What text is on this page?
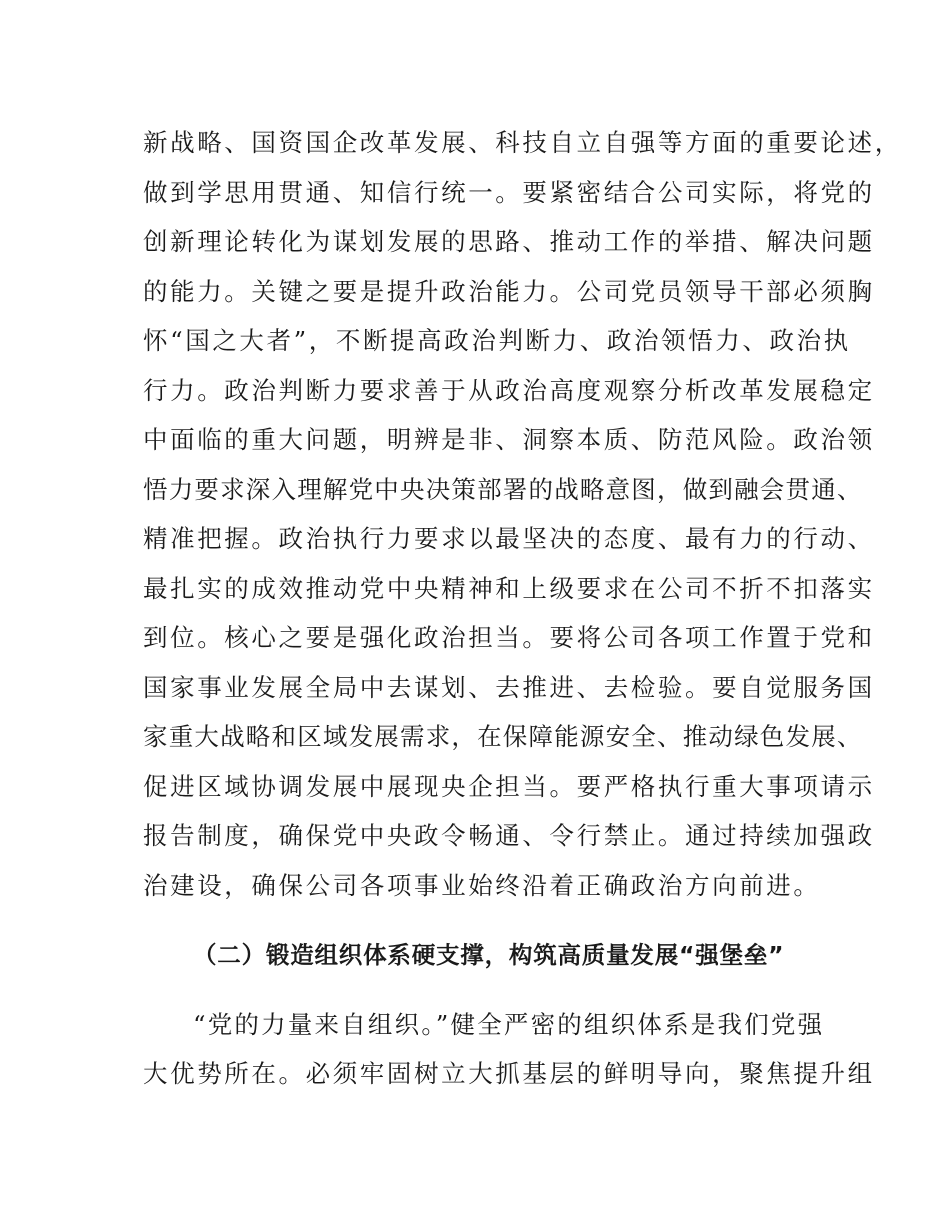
新战略、国资国企改革发展、科技自立自强等方面的重要论述，
做到学思用贯通、知信行统一。要紧密结合公司实际，将党的
创新理论转化为谋划发展的思路、推动工作的举措、解决问题
的能力。关键之要是提升政治能力。公司党员领导干部必须胸
怀“国之大者”，不断提高政治判断力、政治领悟力、政治执
行力。政治判断力要求善于从政治高度观察分析改革发展稳定
中面临的重大问题，明辨是非、洞察本质、防范风险。政治领
悟力要求深入理解党中央决策部署的战略意图，做到融会贯通、
精准把握。政治执行力要求以最坚决的态度、最有力的行动、
最扎实的成效推动党中央精神和上级要求在公司不折不扣落实
到位。核心之要是强化政治担当。要将公司各项工作置于党和
国家事业发展全局中去谋划、去推进、去检验。要自觉服务国
家重大战略和区域发展需求，在保障能源安全、推动绿色发展、
促进区域协调发展中展现央企担当。要严格执行重大事项请示
报告制度，确保党中央政令畅通、令行禁止。通过持续加强政
治建设，确保公司各项事业始终沿着正确政治方向前进。
（二）锻造组织体系硬支撑，构筑高质量发展“强堡垒”
“党的力量来自组织。”健全严密的组织体系是我们党强
大优势所在。必须牢固树立大抓基层的鲜明导向，聚焦提升组
